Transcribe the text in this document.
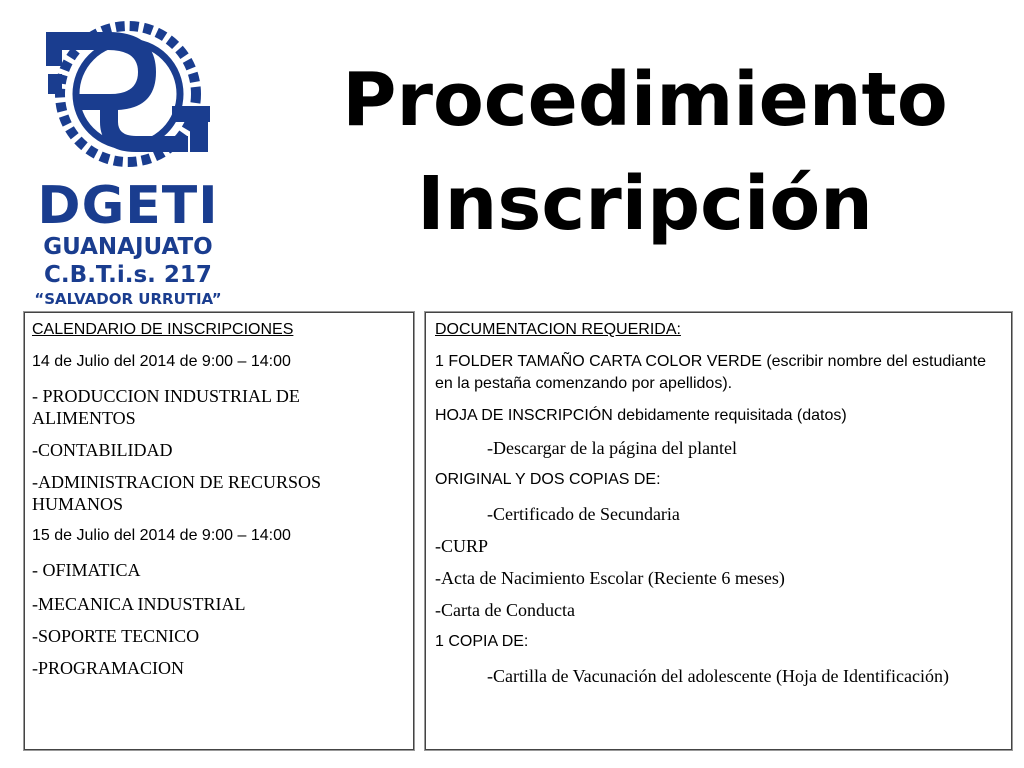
DGETI
GUANAJUATO
C.B.T.i.s. 217
“SALVADOR URRUTIA”
Procedimiento
Inscripción
CALENDARIO DE INSCRIPCIONES
14 de Julio del 2014 de 9:00 – 14:00
- PRODUCCION INDUSTRIAL DE ALIMENTOS
-CONTABILIDAD
-ADMINISTRACION DE RECURSOS HUMANOS
15 de Julio del 2014 de 9:00 – 14:00
- OFIMATICA
-MECANICA INDUSTRIAL
-SOPORTE TECNICO
-PROGRAMACION
DOCUMENTACION REQUERIDA:
1 FOLDER TAMAÑO CARTA COLOR VERDE (escribir nombre del estudiante en la pestaña comenzando por apellidos).
HOJA DE INSCRIPCIÓN debidamente requisitada (datos)
-Descargar de la página del plantel
ORIGINAL Y DOS COPIAS DE:
-Certificado de Secundaria
-CURP
-Acta de Nacimiento Escolar (Reciente 6 meses)
-Carta de Conducta
1 COPIA DE:
-Cartilla de Vacunación del adolescente (Hoja de Identificación)
